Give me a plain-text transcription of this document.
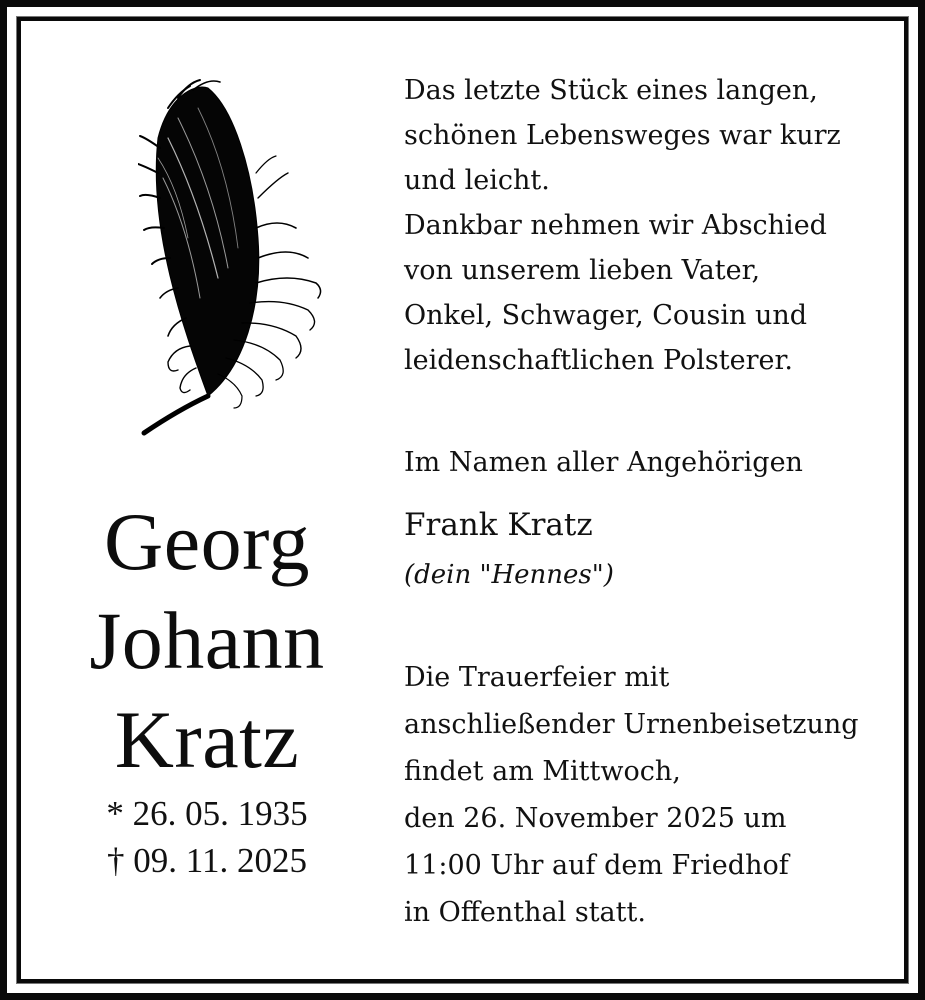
Georg
Johann
Kratz
* 26. 05. 1935
† 09. 11. 2025

Das letzte Stück eines langen,
schönen Lebensweges war kurz
und leicht.
Dankbar nehmen wir Abschied
von unserem lieben Vater,
Onkel, Schwager, Cousin und
leidenschaftlichen Polsterer.

Im Namen aller Angehörigen
Frank Kratz
(dein "Hennes")
Die Trauerfeier mit
anschließender Urnenbeisetzung
findet am Mittwoch,
den 26. November 2025 um
11:00 Uhr auf dem Friedhof
in Offenthal statt.
